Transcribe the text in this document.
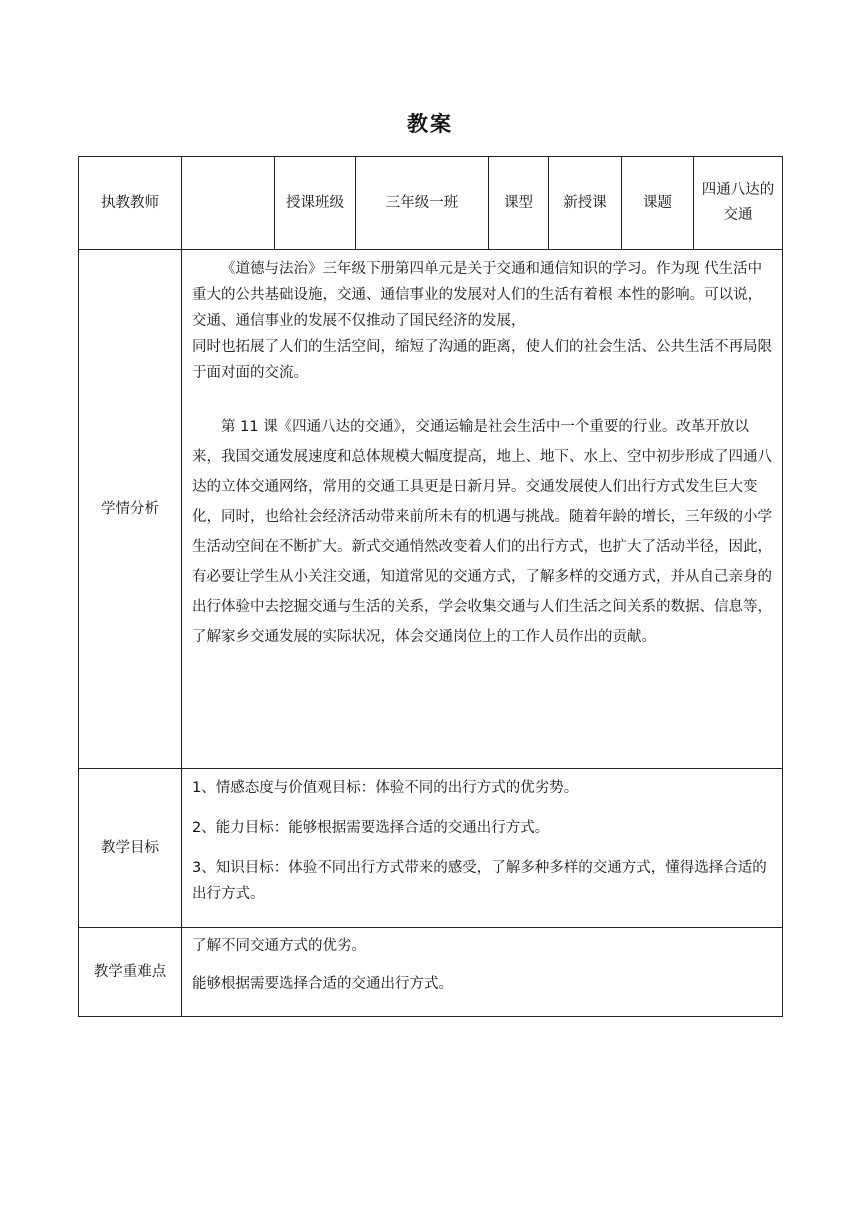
教案
执教教师		授课班级	三年级一班	课型	新授课	课题	四通八达的交通
学情分析	《道德与法治》三年级下册第四单元是关于交通和通信知识的学习。作为现 代生活中重大的公共基础设施，交通、通信事业的发展对人们的生活有着根 本性的影响。可以说，交通、通信事业的发展不仅推动了国民经济的发展，

同时也拓展了人们的生活空间，缩短了沟通的距离，使人们的社会生活、公共生活不再局限于面对面的交流。

第 11 课《四通八达的交通》，交通运输是社会生活中一个重要的行业。改革开放以来，我国交通发展速度和总体规模大幅度提高，地上、地下、水上、空中初步形成了四通八达的立体交通网络，常用的交通工具更是日新月异。交通发展使人们出行方式发生巨大变化，同时，也给社会经济活动带来前所未有的机遇与挑战。随着年龄的增长，三年级的小学生活动空间在不断扩大。新式交通悄然改变着人们的出行方式，也扩大了活动半径，因此，有必要让学生从小关注交通，知道常见的交通方式，了解多样的交通方式，并从自己亲身的出行体验中去挖掘交通与生活的关系，学会收集交通与人们生活之间关系的数据、信息等，了解家乡交通发展的实际状况，体会交通岗位上的工作人员作出的贡献。						

教学目标	1、情感态度与价值观目标：体验不同的出行方式的优劣势。

2、能力目标：能够根据需要选择合适的交通出行方式。

3、知识目标：体验不同出行方式带来的感受，了解多种多样的交通方式，懂得选择合适的出行方式。						

教学重难点	了解不同交通方式的优劣。

能够根据需要选择合适的交通出行方式。						
